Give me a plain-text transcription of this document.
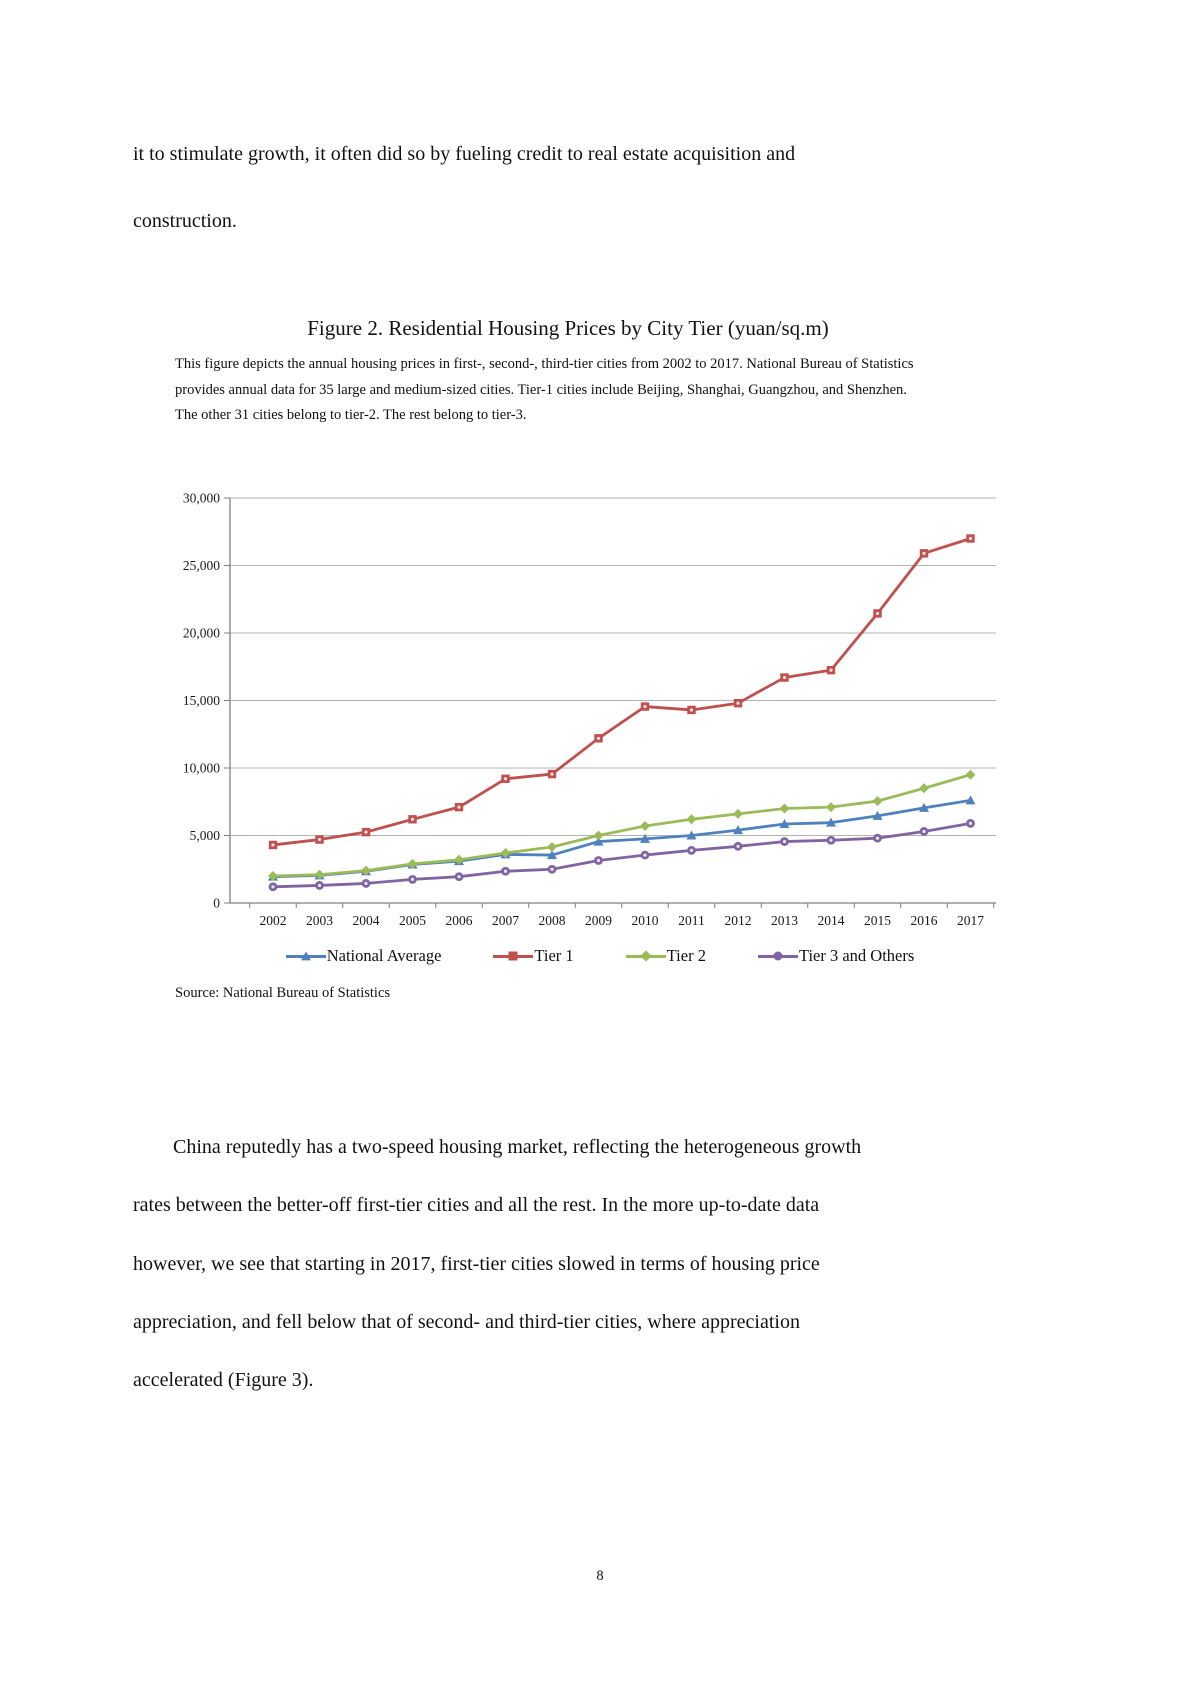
it to stimulate growth, it often did so by fueling credit to real estate acquisition and
construction.
Figure 2. Residential Housing Prices by City Tier (yuan/sq.m)
This figure depicts the annual housing prices in first-, second-, third-tier cities from 2002 to 2017. National Bureau of Statistics
provides annual data for 35 large and medium-sized cities. Tier-1 cities include Beijing, Shanghai, Guangzhou, and Shenzhen.
The other 31 cities belong to tier-2. The rest belong to tier-3.
0
5,000
10,000
15,000
20,000
25,000
30,000
2002 2003 2004 2005 2006 2007 2008 2009 2010 2011 2012 2013 2014 2015 2016 2017
National Average	Tier 1	Tier 2	Tier 3 and Others
Source: National Bureau of Statistics
China reputedly has a two-speed housing market, reflecting the heterogeneous growth
rates between the better-off first-tier cities and all the rest. In the more up-to-date data
however, we see that starting in 2017, first-tier cities slowed in terms of housing price
appreciation, and fell below that of second- and third-tier cities, where appreciation
accelerated (Figure 3).
8
